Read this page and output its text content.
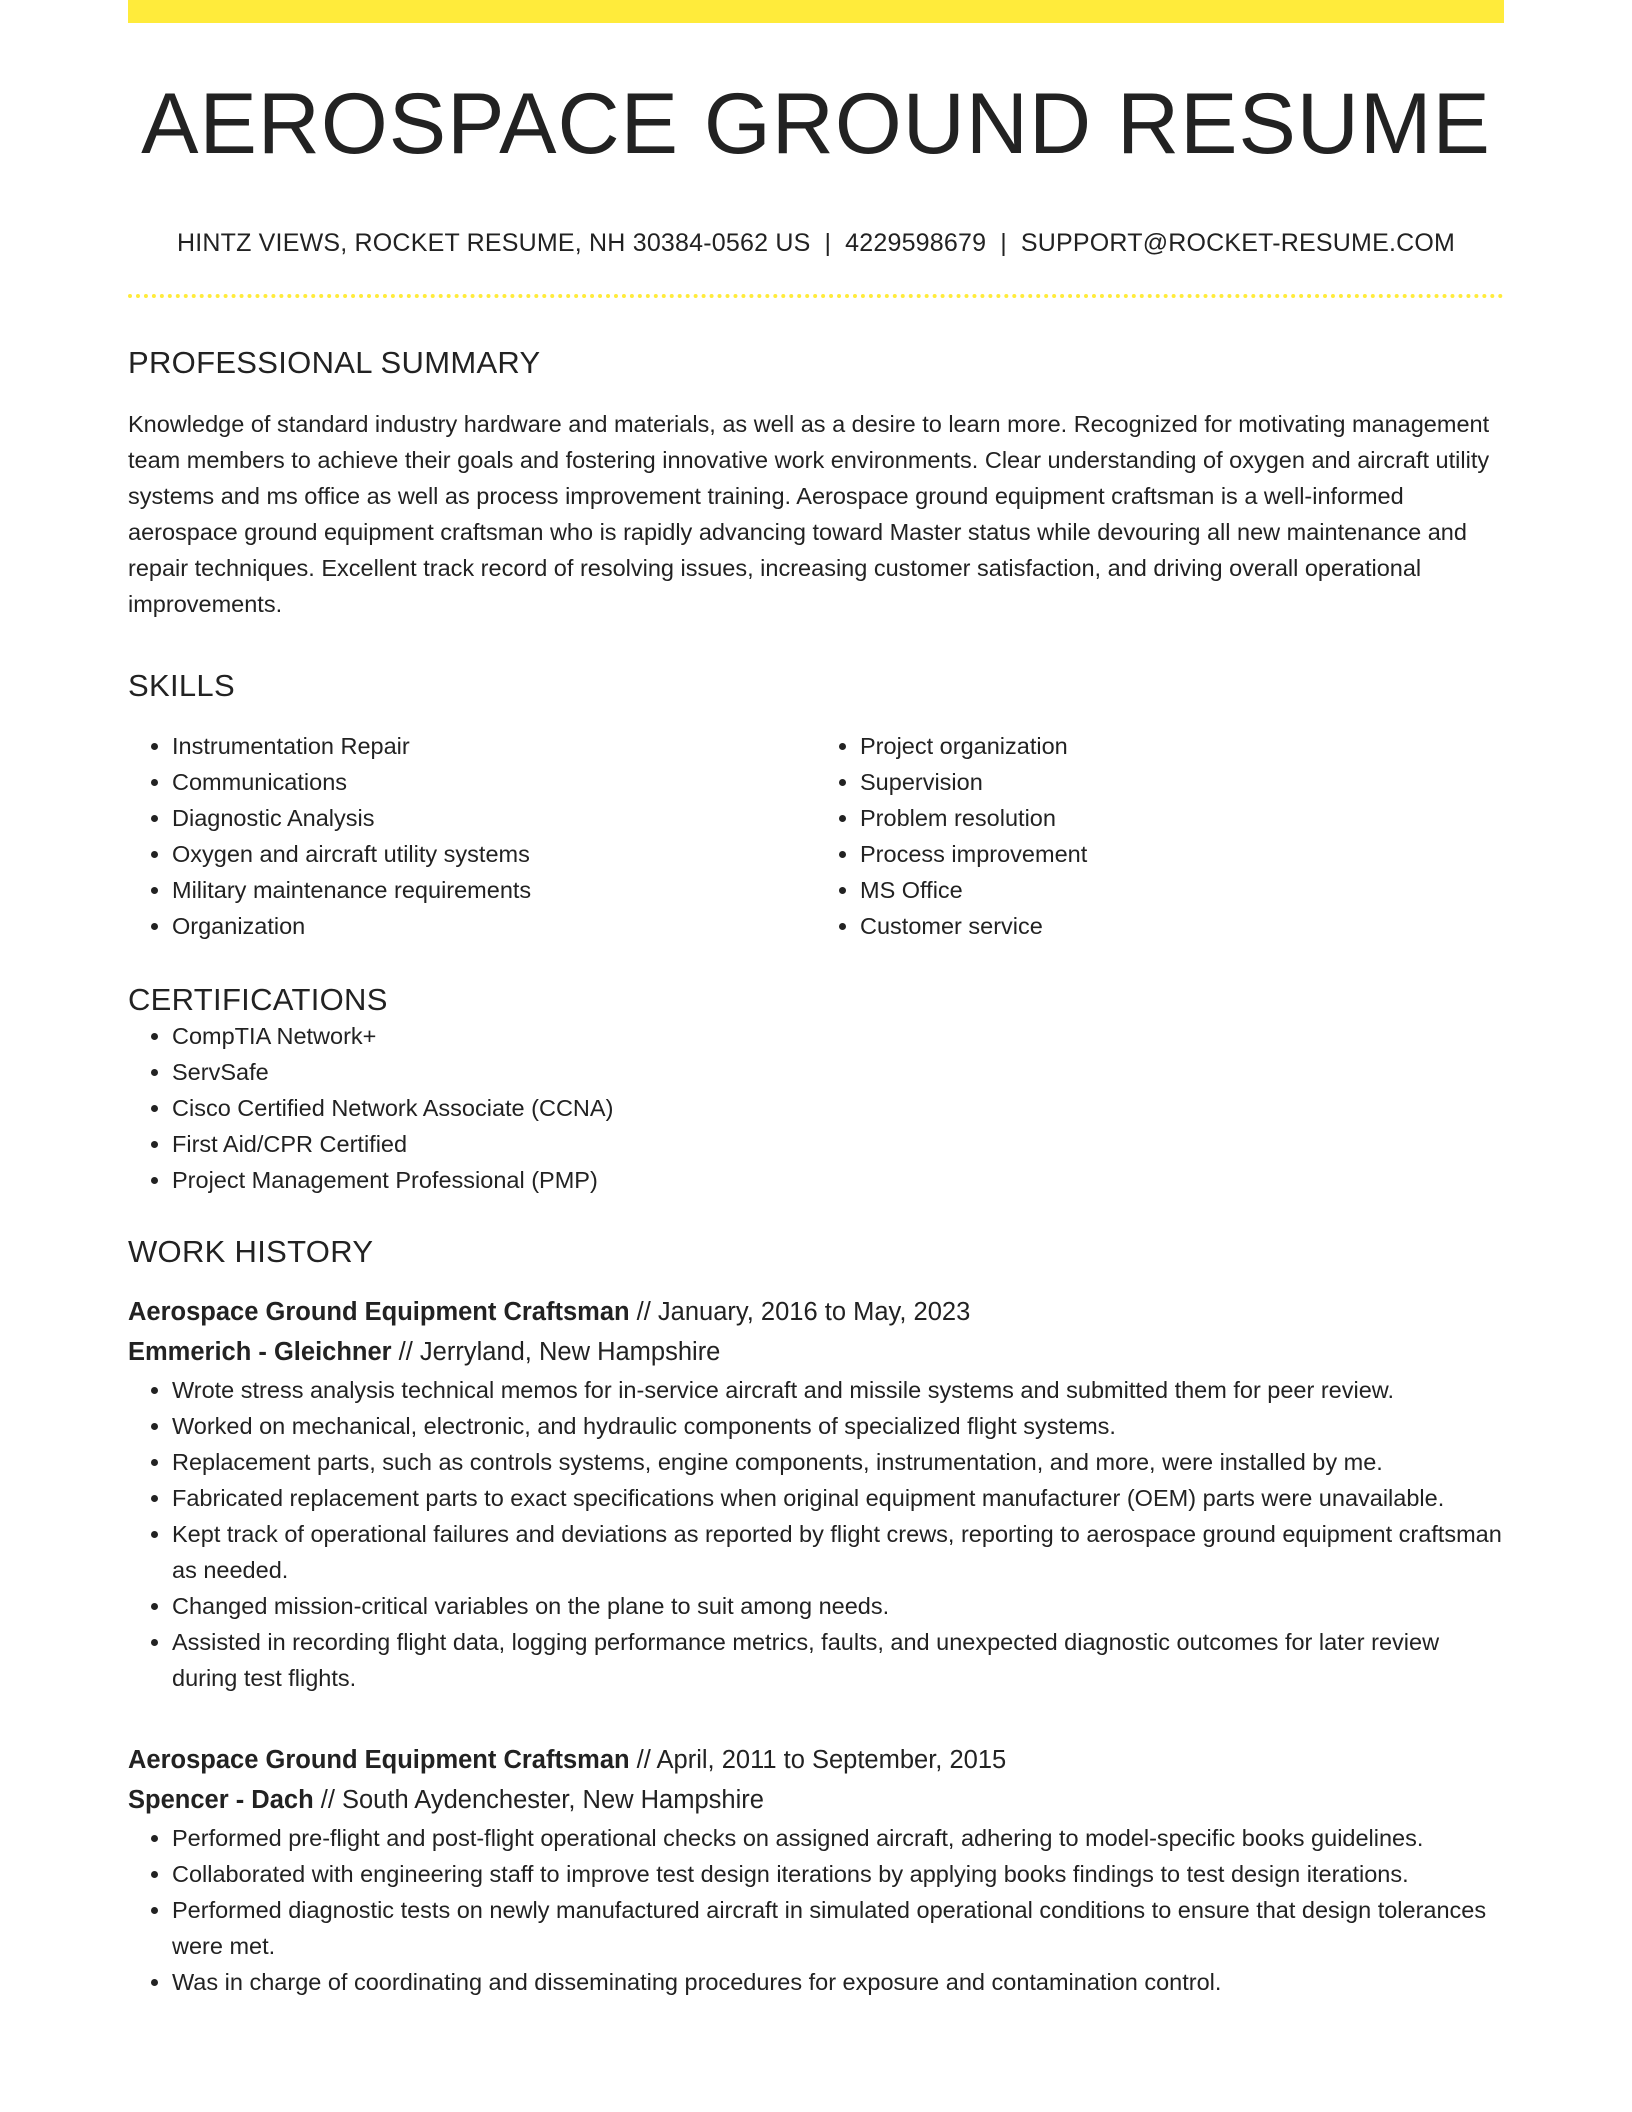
AEROSPACE GROUND RESUME
HINTZ VIEWS, ROCKET RESUME, NH 30384-0562 US | 4229598679 | SUPPORT@ROCKET-RESUME.COM
PROFESSIONAL SUMMARY
Knowledge of standard industry hardware and materials, as well as a desire to learn more. Recognized for motivating management team members to achieve their goals and fostering innovative work environments. Clear understanding of oxygen and aircraft utility systems and ms office as well as process improvement training. Aerospace ground equipment craftsman is a well-informed aerospace ground equipment craftsman who is rapidly advancing toward Master status while devouring all new maintenance and repair techniques. Excellent track record of resolving issues, increasing customer satisfaction, and driving overall operational improvements.
SKILLS
• Instrumentation Repair
• Communications
• Diagnostic Analysis
• Oxygen and aircraft utility systems
• Military maintenance requirements
• Organization
• Project organization
• Supervision
• Problem resolution
• Process improvement
• MS Office
• Customer service
CERTIFICATIONS
• CompTIA Network+
• ServSafe
• Cisco Certified Network Associate (CCNA)
• First Aid/CPR Certified
• Project Management Professional (PMP)
WORK HISTORY
Aerospace Ground Equipment Craftsman // January, 2016 to May, 2023
Emmerich - Gleichner // Jerryland, New Hampshire
• Wrote stress analysis technical memos for in-service aircraft and missile systems and submitted them for peer review.
• Worked on mechanical, electronic, and hydraulic components of specialized flight systems.
• Replacement parts, such as controls systems, engine components, instrumentation, and more, were installed by me.
• Fabricated replacement parts to exact specifications when original equipment manufacturer (OEM) parts were unavailable.
• Kept track of operational failures and deviations as reported by flight crews, reporting to aerospace ground equipment craftsman as needed.
• Changed mission-critical variables on the plane to suit among needs.
• Assisted in recording flight data, logging performance metrics, faults, and unexpected diagnostic outcomes for later review during test flights.
Aerospace Ground Equipment Craftsman // April, 2011 to September, 2015
Spencer - Dach // South Aydenchester, New Hampshire
• Performed pre-flight and post-flight operational checks on assigned aircraft, adhering to model-specific books guidelines.
• Collaborated with engineering staff to improve test design iterations by applying books findings to test design iterations.
• Performed diagnostic tests on newly manufactured aircraft in simulated operational conditions to ensure that design tolerances were met.
• Was in charge of coordinating and disseminating procedures for exposure and contamination control.
